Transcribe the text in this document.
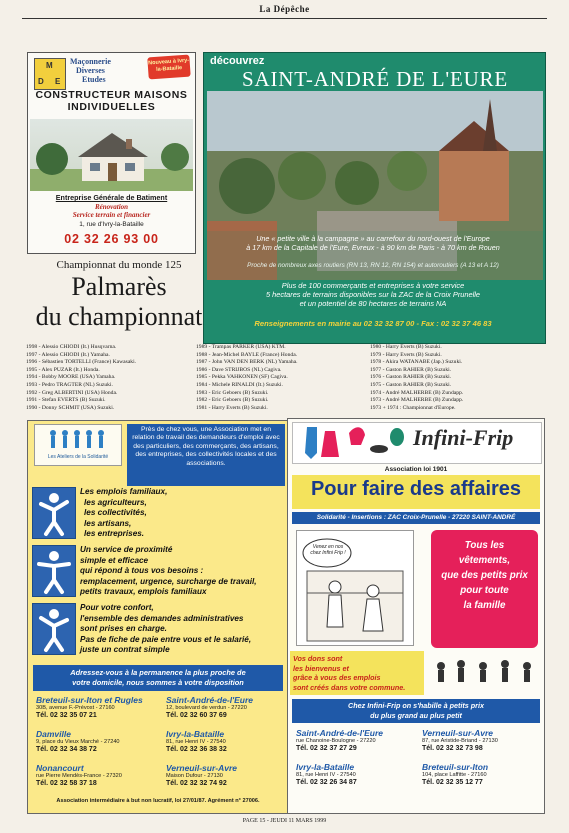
La Dépêche
M
D E
Maçonnerie
Diverses
Etudes
Nouveau à Ivry-la-Bataille
CONSTRUCTEUR MAISONS INDIVIDUELLES
Entreprise Générale de Batiment
Rénovation
Service terrain et financier
1, rue d'Ivry-la-Bataille
02 32 26 93 00
découvrez
SAINT-ANDRÉ DE L'EURE
Une « petite ville à la campagne » au carrefour du nord-ouest de l'Europe
à 17 km de la Capitale de l'Eure, Evreux - à 90 km de Paris - à 70 km de Rouen
Proche de nombreux axes routiers (RN 13, RN 12, RN 154) et autoroutiers (A 13 et A 12)
Plus de 100 commerçants et entreprises à votre service
5 hectares de terrains disponibles sur la ZAC de la Croix Prunelle
et un potentiel de 80 hectares de terrains NA
Renseignements en mairie au 02 32 32 87 00 - Fax : 02 32 37 46 83
Championnat du monde 125
Palmarès
du championnat
1998 - Alessio CHIODI (It.) Husqvarna.
1997 - Alessio CHIODI (It.) Yamaha.
1996 - Sébastien TORTELLI (France) Kawasaki.
1995 - Alex PUZAR (It.) Honda.
1994 - Bobby MOORE (USA) Yamaha.
1993 - Pedro TRAGTER (NL) Suzuki.
1992 - Greg ALBERTINI (USA) Honda.
1991 - Stefan EVERTS (B) Suzuki.
1990 - Donny SCHMIT (USA) Suzuki.
1989 - Trampas PARKER (USA) KTM.
1988 - Jean-Michel BAYLE (France) Honda.
1987 - John VAN DEN BERK (NL) Yamaha.
1986 - Dave STRIJBOS (NL) Cagiva.
1985 - Pekka VAHKONEN (SF) Cagiva.
1984 - Michele RINALDI (It.) Suzuki.
1983 - Eric Geboers (B) Suzuki.
1982 - Eric Geboers (B) Suzuki.
1981 - Harry Everts (B) Suzuki.
1980 - Harry Everts (B) Suzuki.
1979 - Harry Everts (B) Suzuki.
1978 - Akira WATANABE (Jap.) Suzuki.
1977 - Gaston RAHIER (B) Suzuki.
1976 - Gaston RAHIER (B) Suzuki.
1975 - Gaston RAHIER (B) Suzuki.
1974 - André MALHERBE (B) Zundapp.
1973 - André MALHERBE (B) Zundapp.
1973 + 1974 : Championnat d'Europe.
Les Ateliers de la Solidarité
Près de chez vous, une Association met en relation de travail des demandeurs d'emploi avec des particuliers, des commerçants, des artisans, des entreprises, des collectivités locales et des associations.
Les emplois familiaux,
les agriculteurs,
les collectivités,
les artisans,
les entreprises.
Un service de proximité
simple et efficace
qui répond à tous vos besoins :
remplacement, urgence, surcharge de travail,
petits travaux, emplois familiaux
Pour votre confort,
l'ensemble des demandes administratives
sont prises en charge.
Pas de fiche de paie entre vous et le salarié,
juste un contrat simple
Adressez-vous à la permanence la plus proche de
votre domicile, nous sommes à votre disposition
Breteuil-sur-Iton et Rugles
30B, avenue F.-Prévost - 27160
Tél. 02 32 35 07 21
Saint-André-de-l'Eure
12, boulevard de verdun - 27220
Tél. 02 32 60 37 69
Damville
9, place du Vieux Marché - 27240
Tél. 02 32 34 38 72
Ivry-la-Bataille
81, rue Henri IV - 27540
Tél. 02 32 36 38 32
Nonancourt
rue Pierre Mendès-France - 27320
Tél. 02 32 58 37 18
Verneuil-sur-Avre
Maison Dufour - 27130
Tél. 02 32 32 74 92
Association intermédiaire à but non lucratif, loi 27/01/87. Agrément n° 27006.
Infini-Frip
Association loi 1901
Pour faire des affaires
Solidarité - Insertions : ZAC Croix-Prunelle - 27220 SAINT-ANDRÉ
Venez en nos chez Infini Frip !
Tous les
vêtements,
que des petits prix
pour toute
la famille
Vos dons sont
les bienvenus et
grâce à vous des emplois
sont créés dans votre commune.
Chez Infini-Frip on s'habille à petits prix
du plus grand au plus petit
Saint-André-de-l'Eure
rue Chanoine-Boulogne - 27220
Tél. 02 32 37 27 29
Verneuil-sur-Avre
87, rue Aristide-Briand - 27130
Tél. 02 32 32 73 98
Ivry-la-Bataille
81, rue Henri IV - 27540
Tél. 02 32 26 34 87
Breteuil-sur-Iton
104, place Laffitte - 27160
Tél. 02 32 35 12 77
PAGE 15 - JEUDI 11 MARS 1999
